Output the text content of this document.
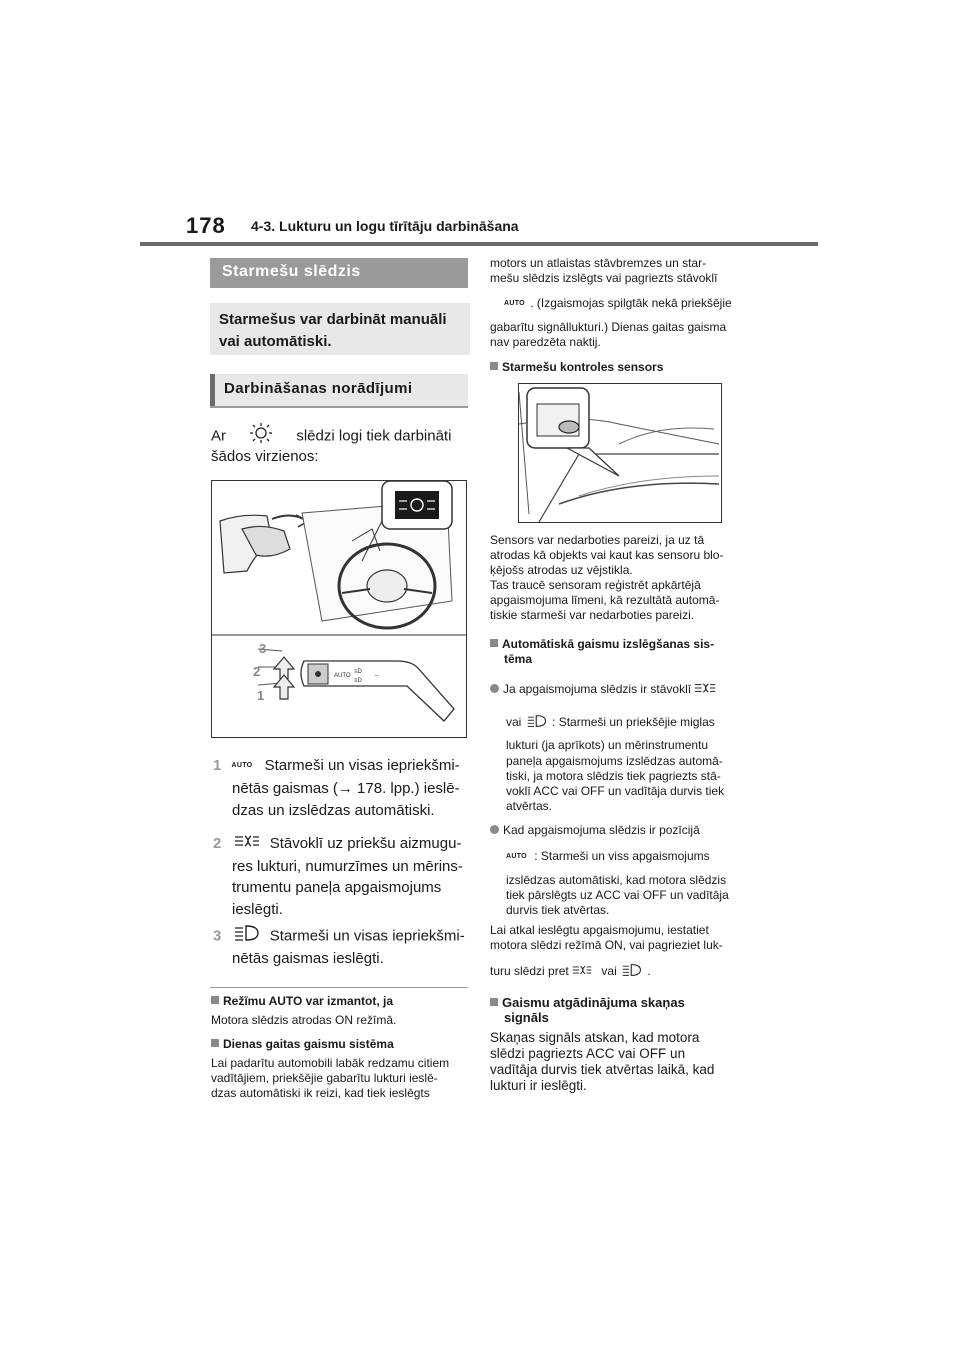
178 4-3. Lukturu un logu tīrītāju darbināšana
Starmešu slēdzis
Starmešus var darbināt manuāli vai automātiski.
Darbināšanas norādījumi
Ar	slēdzi logi tiek darbināti
šādos virzienos:
AUTO
≡D
≡D
⇔
3
2
1
1 AUTO Starmeši un visas iepriekšmi-
nētās gaismas (→ 178. lpp.) ieslē-
dzas un izslēdzas automātiski.
2	Stāvoklī uz priekšu aizmugu-
res lukturi, numurzīmes un mērins-
trumentu paneļa apgaismojums
ieslēgti.
3	Starmeši un visas iepriekšmi-
nētās gaismas ieslēgti.
Režīmu AUTO var izmantot, ja
Motora slēdzis atrodas ON režīmā.
Dienas gaitas gaismu sistēma
Lai padarītu automobili labāk redzamu citiem
vadītājiem, priekšējie gabarītu lukturi ieslē-
dzas automātiski ik reizi, kad tiek ieslēgts
motors un atlaistas stāvbremzes un star-
mešu slēdzis izslēgts vai pagriezts stāvoklī
AUTO . (Izgaismojas spilgtāk nekā priekšējie
gabarītu signāllukturi.) Dienas gaitas gaisma
nav paredzēta naktij.
Starmešu kontroles sensors
Sensors var nedarboties pareizi, ja uz tā
atrodas kā objekts vai kaut kas sensoru blo-
ķējošs atrodas uz vējstikla.
Tas traucē sensoram reģistrēt apkārtējā
apgaismojuma līmeni, kā rezultātā automā-
tiskie starmeši var nedarboties pareizi.
Automātiskā gaismu izslēgšanas sis-
tēma
Ja apgaismojuma slēdzis ir stāvoklī
vai	: Starmeši un priekšējie miglas
lukturi (ja aprīkots) un mērinstrumentu
paneļa apgaismojums izslēdzas automā-
tiski, ja motora slēdzis tiek pagriezts stā-
voklī ACC vai OFF un vadītāja durvis tiek
atvērtas.
Kad apgaismojuma slēdzis ir pozīcijā
AUTO : Starmeši un viss apgaismojums
izslēdzas automātiski, kad motora slēdzis
tiek pārslēgts uz ACC vai OFF un vadītāja
durvis tiek atvērtas.
Lai atkal ieslēgtu apgaismojumu, iestatiet
motora slēdzi režīmā ON, vai pagrieziet luk-
turu slēdzi pret	vai	.
Gaismu atgādinājuma skaņas
signāls
Skaņas signāls atskan, kad motora
slēdzi pagriezts ACC vai OFF un
vadītāja durvis tiek atvērtas laikā, kad
lukturi ir ieslēgti.
